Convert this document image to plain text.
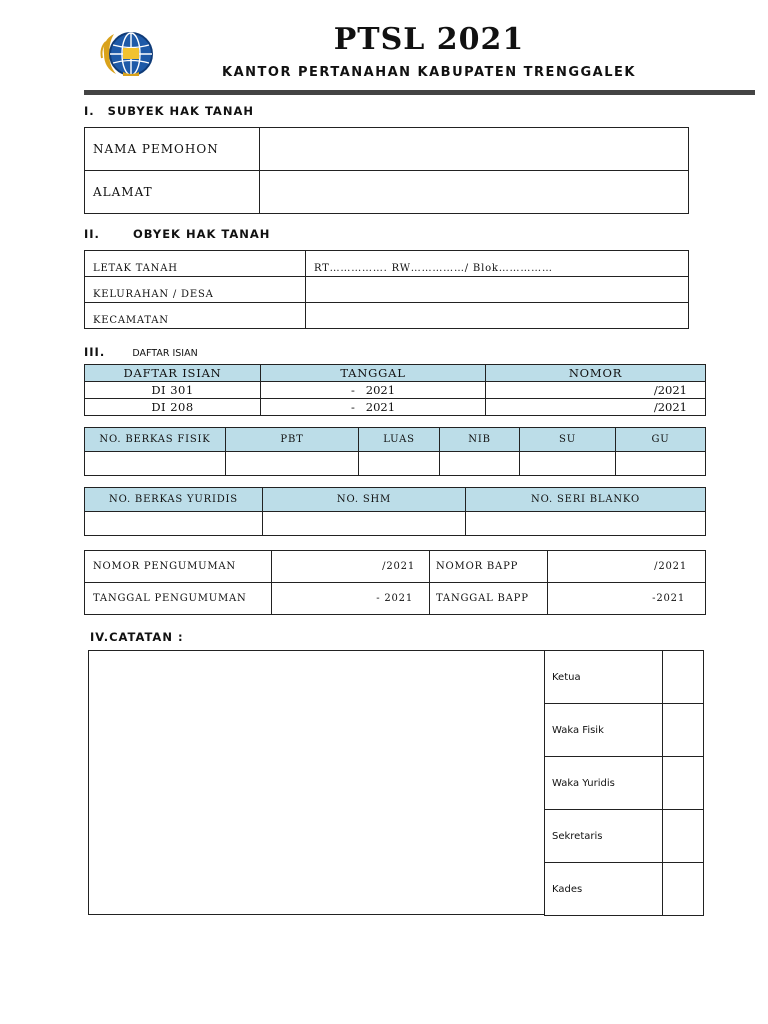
PTSL 2021
KANTOR PERTANAHAN KABUPATEN TRENGGALEK
I. SUBYEK HAK TANAH
NAMA PEMOHON	
ALAMAT	
II.	OBYEK HAK TANAH
LETAK TANAH	RT……………. RW……………/ Blok……………
KELURAHAN / DESA	
KECAMATAN	
III.	DAFTAR ISIAN
DAFTAR ISIAN	TANGGAL	NOMOR
DI 301	-   2021	/2021
DI 208	-   2021	/2021
NO. BERKAS FISIK	PBT	LUAS	NIB	SU	GU

NO. BERKAS YURIDIS	NO. SHM	NO. SERI BLANKO

NOMOR PENGUMUMAN	/2021	NOMOR BAPP	/2021
TANGGAL PENGUMUMAN	- 2021	TANGGAL BAPP	-2021
IV.CATATAN :
Ketua	
Waka Fisik	
Waka Yuridis	
Sekretaris	
Kades	
